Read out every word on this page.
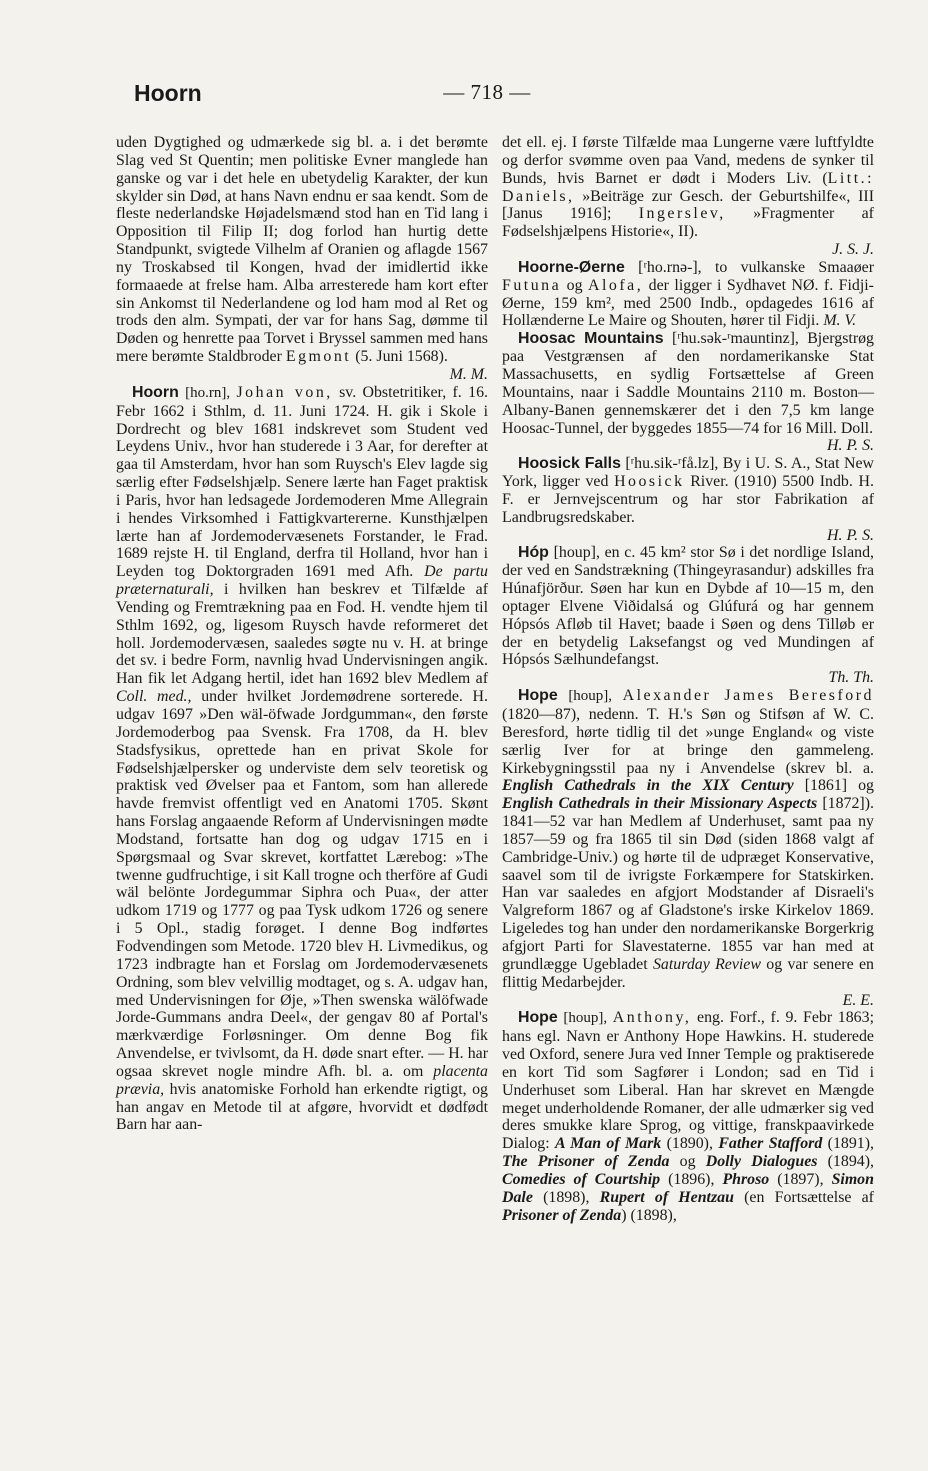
Hoorn	— 718 —

uden Dygtighed og udmærkede sig bl. a. i det berømte Slag ved St Quentin; men politiske Evner manglede han ganske og var i det hele en ubetydelig Karakter, der kun skylder sin Død, at hans Navn endnu er saa kendt. Som de fleste nederlandske Højadelsmænd stod han en Tid lang i Opposition til Filip II; dog forlod han hurtig dette Standpunkt, svigtede Vilhelm af Oranien og aflagde 1567 ny Troskabsed til Kongen, hvad der imidlertid ikke formaaede at frelse ham. Alba arresterede ham kort efter sin Ankomst til Nederlandene og lod ham mod al Ret og trods den alm. Sympati, der var for hans Sag, dømme til Døden og henrette paa Torvet i Bryssel sammen med hans mere berømte Staldbroder Egmont (5. Juni 1568).

M. M.

Hoorn [ho.rn], Johan von, sv. Obstetritiker, f. 16. Febr 1662 i Sthlm, d. 11. Juni 1724. H. gik i Skole i Dordrecht og blev 1681 indskrevet som Student ved Leydens Univ., hvor han studerede i 3 Aar, for derefter at gaa til Amsterdam, hvor han som Ruysch's Elev lagde sig særlig efter Fødselshjælp. Senere lærte han Faget praktisk i Paris, hvor han ledsagede Jordemoderen Mme Allegrain i hendes Virksomhed i Fattigkvartererne. Kunsthjælpen lærte han af Jordemodervæsenets Forstander, le Frad. 1689 rejste H. til England, derfra til Holland, hvor han i Leyden tog Doktorgraden 1691 med Afh. De partu præternaturali, i hvilken han beskrev et Tilfælde af Vending og Fremtrækning paa en Fod. H. vendte hjem til Sthlm 1692, og, ligesom Ruysch havde reformeret det holl. Jordemodervæsen, saaledes søgte nu v. H. at bringe det sv. i bedre Form, navnlig hvad Undervisningen angik. Han fik let Adgang hertil, idet han 1692 blev Medlem af Coll. med., under hvilket Jordemødrene sorterede. H. udgav 1697 »Den wäl-öfwade Jordgumman«, den første Jordemoderbog paa Svensk. Fra 1708, da H. blev Stadsfysikus, oprettede han en privat Skole for Fødselshjælpersker og underviste dem selv teoretisk og praktisk ved Øvelser paa et Fantom, som han allerede havde fremvist offentligt ved en Anatomi 1705. Skønt hans Forslag angaaende Reform af Undervisningen mødte Modstand, fortsatte han dog og udgav 1715 en i Spørgsmaal og Svar skrevet, kortfattet Lærebog: »The twenne gudfruchtige, i sit Kall trogne och therföre af Gudi wäl belönte Jordegummar Siphra och Pua«, der atter udkom 1719 og 1777 og paa Tysk udkom 1726 og senere i 5 Opl., stadig forøget. I denne Bog indførtes Fodvendingen som Metode. 1720 blev H. Livmedikus, og 1723 indbragte han et Forslag om Jordemodervæsenets Ordning, som blev velvillig modtaget, og s. A. udgav han, med Undervisningen for Øje, »Then swenska wälöfwade Jorde-Gummans andra Deel«, der gengav 80 af Portal's mærkværdige Forløsninger. Om denne Bog fik Anvendelse, er tvivlsomt, da H. døde snart efter. — H. har ogsaa skrevet nogle mindre Afh. bl. a. om placenta prævia, hvis anatomiske Forhold han erkendte rigtigt, og han angav en Metode til at afgøre, hvorvidt et dødfødt Barn har aan-

det ell. ej. I første Tilfælde maa Lungerne være luftfyldte og derfor svømme oven paa Vand, medens de synker til Bunds, hvis Barnet er dødt i Moders Liv. (Litt.: Daniels, »Beiträge zur Gesch. der Geburtshilfe«, III [Janus 1916]; Ingerslev, »Fragmenter af Fødselshjælpens Historie«, II).

J. S. J.

Hoorne-Øerne [ʳho.rnə-], to vulkanske Smaaøer Futuna og Alofa, der ligger i Sydhavet NØ. f. Fidji-Øerne, 159 km², med 2500 Indb., opdagedes 1616 af Hollænderne Le Maire og Shouten, hører til Fidji. M. V.

Hoosac Mountains [ʳhu.sək-ʳmauntinz], Bjergstrøg paa Vestgrænsen af den nordamerikanske Stat Massachusetts, en sydlig Fortsættelse af Green Mountains, naar i Saddle Mountains 2110 m. Boston—Albany-Banen gennemskærer det i den 7,5 km lange Hoosac-Tunnel, der byggedes 1855—74 for 16 Mill. Doll.

H. P. S.

Hoosick Falls [ʳhu.sik-ʳfå.lz], By i U. S. A., Stat New York, ligger ved Hoosick River. (1910) 5500 Indb. H. F. er Jernvejscentrum og har stor Fabrikation af Landbrugsredskaber.

H. P. S.

Hóp [houp], en c. 45 km² stor Sø i det nordlige Island, der ved en Sandstrækning (Thingeyrasandur) adskilles fra Húnafjörður. Søen har kun en Dybde af 10—15 m, den optager Elvene Viðidalsá og Glúfurá og har gennem Hópsós Afløb til Havet; baade i Søen og dens Tilløb er der en betydelig Laksefangst og ved Mundingen af Hópsós Sælhundefangst.

Th. Th.

Hope [houp], Alexander James Beresford (1820—87), nedenn. T. H.'s Søn og Stifsøn af W. C. Beresford, hørte tidlig til det »unge England« og viste særlig Iver for at bringe den gammeleng. Kirkebygningsstil paa ny i Anvendelse (skrev bl. a. English Cathedrals in the XIX Century [1861] og English Cathedrals in their Missionary Aspects [1872]). 1841—52 var han Medlem af Underhuset, samt paa ny 1857—59 og fra 1865 til sin Død (siden 1868 valgt af Cambridge-Univ.) og hørte til de udpræget Konservative, saavel som til de ivrigste Forkæmpere for Statskirken. Han var saaledes en afgjort Modstander af Disraeli's Valgreform 1867 og af Gladstone's irske Kirkelov 1869. Ligeledes tog han under den nordamerikanske Borgerkrig afgjort Parti for Slavestaterne. 1855 var han med at grundlægge Ugebladet Saturday Review og var senere en flittig Medarbejder.

E. E.

Hope [houp], Anthony, eng. Forf., f. 9. Febr 1863; hans egl. Navn er Anthony Hope Hawkins. H. studerede ved Oxford, senere Jura ved Inner Temple og praktiserede en kort Tid som Sagfører i London; sad en Tid i Underhuset som Liberal. Han har skrevet en Mængde meget underholdende Romaner, der alle udmærker sig ved deres smukke klare Sprog, og vittige, franskpaavirkede Dialog: A Man of Mark (1890), Father Stafford (1891), The Prisoner of Zenda og Dolly Dialogues (1894), Comedies of Courtship (1896), Phroso (1897), Simon Dale (1898), Rupert of Hentzau (en Fortsættelse af Prisoner of Zenda) (1898),
